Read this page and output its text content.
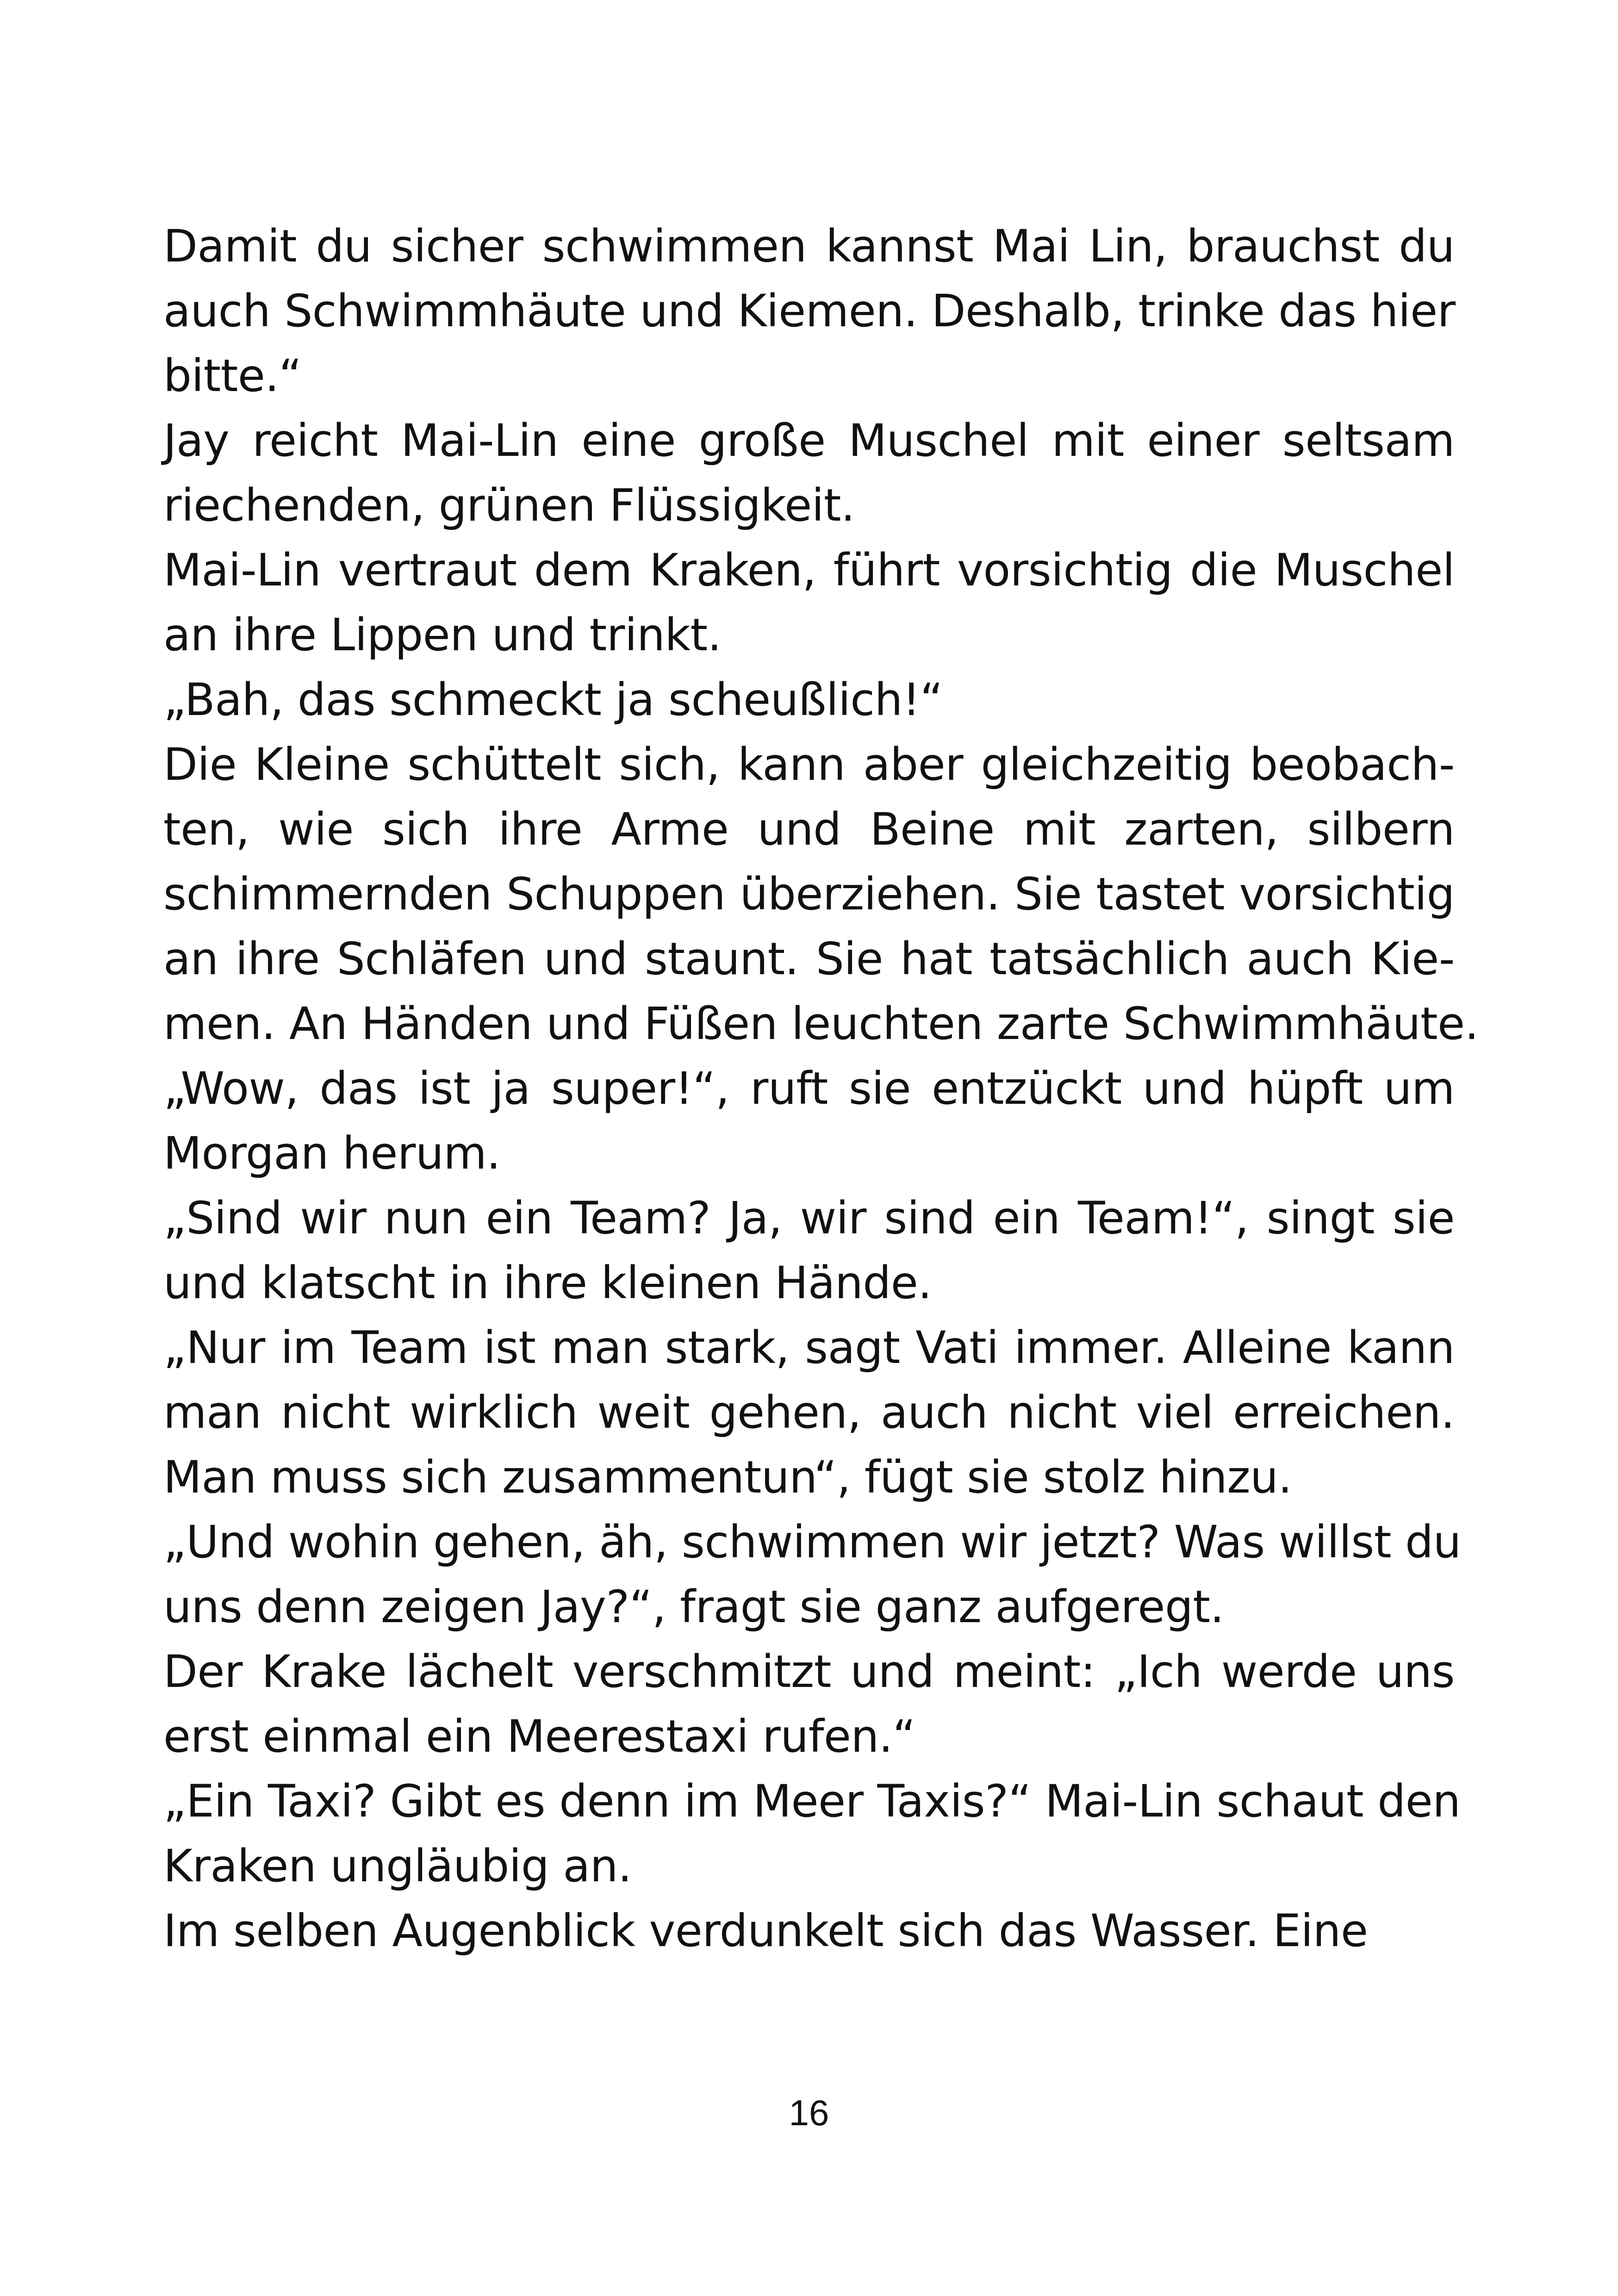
Damit du sicher schwimmen kannst Mai Lin, brauchst du
auch Schwimmhäute und Kiemen. Deshalb, trinke das hier
bitte.“
Jay reicht Mai-Lin eine große Muschel mit einer seltsam
riechenden, grünen Flüssigkeit.
Mai-Lin vertraut dem Kraken, führt vorsichtig die Muschel
an ihre Lippen und trinkt.
„Bah, das schmeckt ja scheußlich!“
Die Kleine schüttelt sich, kann aber gleichzeitig beobach-
ten, wie sich ihre Arme und Beine mit zarten, silbern
schimmernden Schuppen überziehen. Sie tastet vorsichtig
an ihre Schläfen und staunt. Sie hat tatsächlich auch Kie-
men. An Händen und Füßen leuchten zarte Schwimmhäute.
„Wow, das ist ja super!“, ruft sie entzückt und hüpft um
Morgan herum.
„Sind wir nun ein Team? Ja, wir sind ein Team!“, singt sie
und klatscht in ihre kleinen Hände.
„Nur im Team ist man stark, sagt Vati immer. Alleine kann
man nicht wirklich weit gehen, auch nicht viel erreichen.
Man muss sich zusammentun“, fügt sie stolz hinzu.
„Und wohin gehen, äh, schwimmen wir jetzt? Was willst du
uns denn zeigen Jay?“, fragt sie ganz aufgeregt.
Der Krake lächelt verschmitzt und meint: „Ich werde uns
erst einmal ein Meerestaxi rufen.“
„Ein Taxi? Gibt es denn im Meer Taxis?“ Mai-Lin schaut den
Kraken ungläubig an.
Im selben Augenblick verdunkelt sich das Wasser. Eine
16
